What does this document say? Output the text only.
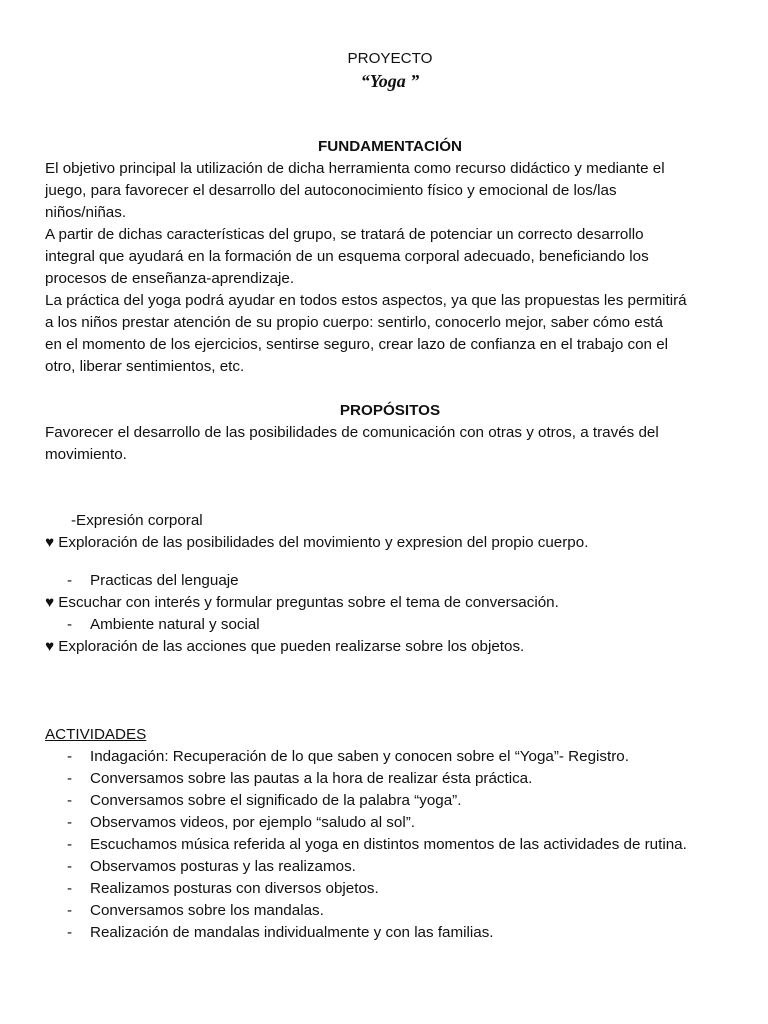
PROYECTO
“Yoga ”
FUNDAMENTACIÓN

El objetivo principal la utilización de dicha herramienta como recurso didáctico y mediante el

juego, para favorecer el desarrollo del autoconocimiento físico y emocional de los/las

niños/niñas.

A partir de dichas características del grupo, se tratará de potenciar un correcto desarrollo

integral que ayudará en la formación de un esquema corporal adecuado, beneficiando los

procesos de enseñanza-aprendizaje.

La práctica del yoga podrá ayudar en todos estos aspectos, ya que las propuestas les permitirá

a los niños prestar atención de su propio cuerpo: sentirlo, conocerlo mejor, saber cómo está

en el momento de los ejercicios, sentirse seguro, crear lazo de confianza en el trabajo con el

otro, liberar sentimientos, etc.

PROPÓSITOS

Favorecer el desarrollo de las posibilidades de comunicación con otras y otros, a través del

movimiento.

-Expresión corporal

♥ Exploración de las posibilidades del movimiento y expresion del propio cuerpo.

- Practicas del lenguaje

♥ Escuchar con interés y formular preguntas sobre el tema de conversación.

- Ambiente natural y social

♥ Exploración de las acciones que pueden realizarse sobre los objetos.

ACTIVIDADES
- Indagación: Recuperación de lo que saben y conocen sobre el “Yoga”- Registro.
- Conversamos sobre las pautas a la hora de realizar ésta práctica.
- Conversamos sobre el significado de la palabra “yoga”.
- Observamos videos, por ejemplo “saludo al sol”.
- Escuchamos música referida al yoga en distintos momentos de las actividades de rutina.
- Observamos posturas y las realizamos.
- Realizamos posturas con diversos objetos.
- Conversamos sobre los mandalas.
- Realización de mandalas individualmente y con las familias.
